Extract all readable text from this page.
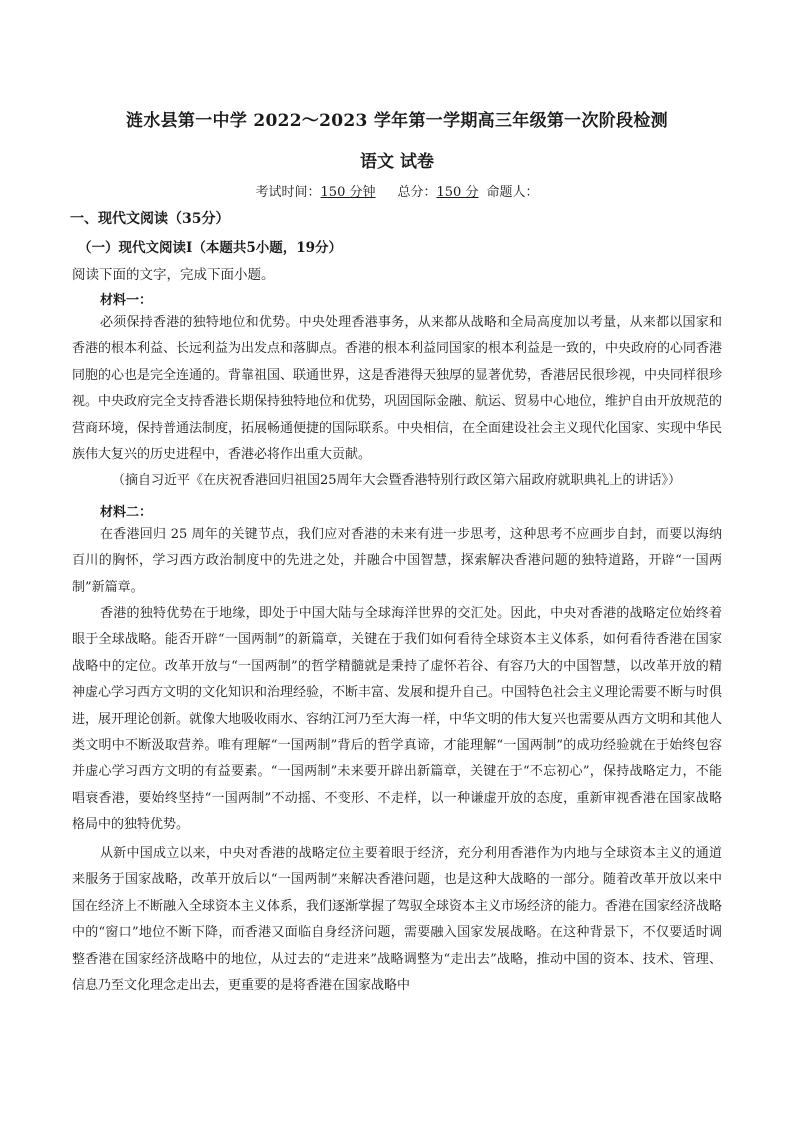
涟水县第一中学 2022～2023 学年第一学期高三年级第一次阶段检测
语文 试卷
考试时间：150 分钟 总分：150 分 命题人：
一、现代文阅读（35分）
（一）现代文阅读Ⅰ（本题共5小题，19分）
阅读下面的文字，完成下面小题。
材料一：

必须保持香港的独特地位和优势。中央处理香港事务，从来都从战略和全局高度加以考量，从来都以国家和香港的根本利益、长远利益为出发点和落脚点。香港的根本利益同国家的根本利益是一致的，中央政府的心同香港同胞的心也是完全连通的。背靠祖国、联通世界，这是香港得天独厚的显著优势，香港居民很珍视，中央同样很珍视。中央政府完全支持香港长期保持独特地位和优势，巩固国际金融、航运、贸易中心地位，维护自由开放规范的营商环境，保持普通法制度，拓展畅通便捷的国际联系。中央相信，在全面建设社会主义现代化国家、实现中华民族伟大复兴的历史进程中，香港必将作出重大贡献。

（摘自习近平《在庆祝香港回归祖国25周年大会暨香港特别行政区第六届政府就职典礼上的讲话》）
材料二：

在香港回归 25 周年的关键节点，我们应对香港的未来有进一步思考，这种思考不应画步自封，而要以海纳百川的胸怀，学习西方政治制度中的先进之处，并融合中国智慧，探索解决香港问题的独特道路，开辟“一国两制”新篇章。

香港的独特优势在于地缘，即处于中国大陆与全球海洋世界的交汇处。因此，中央对香港的战略定位始终着眼于全球战略。能否开辟“一国两制”的新篇章，关键在于我们如何看待全球资本主义体系，如何看待香港在国家战略中的定位。改革开放与“一国两制”的哲学精髓就是秉持了虚怀若谷、有容乃大的中国智慧，以改革开放的精神虚心学习西方文明的文化知识和治理经验，不断丰富、发展和提升自己。中国特色社会主义理论需要不断与时俱进，展开理论创新。就像大地吸收雨水、容纳江河乃至大海一样，中华文明的伟大复兴也需要从西方文明和其他人类文明中不断汲取营养。唯有理解“一国两制”背后的哲学真谛，才能理解“一国两制”的成功经验就在于始终包容并虚心学习西方文明的有益要素。“一国两制”未来要开辟出新篇章，关键在于“不忘初心”，保持战略定力，不能唱衰香港，要始终坚持“一国两制”不动摇、不变形、不走样，以一种谦虚开放的态度，重新审视香港在国家战略格局中的独特优势。

从新中国成立以来，中央对香港的战略定位主要着眼于经济，充分利用香港作为内地与全球资本主义的通道来服务于国家战略，改革开放后以“一国两制”来解决香港问题，也是这种大战略的一部分。随着改革开放以来中国在经济上不断融入全球资本主义体系，我们逐渐掌握了驾驭全球资本主义市场经济的能力。香港在国家经济战略中的“窗口”地位不断下降，而香港又面临自身经济问题，需要融入国家发展战略。在这种背景下，不仅要适时调整香港在国家经济战略中的地位，从过去的“走进来”战略调整为“走出去”战略，推动中国的资本、技术、管理、信息乃至文化理念走出去，更重要的是将香港在国家战略中
